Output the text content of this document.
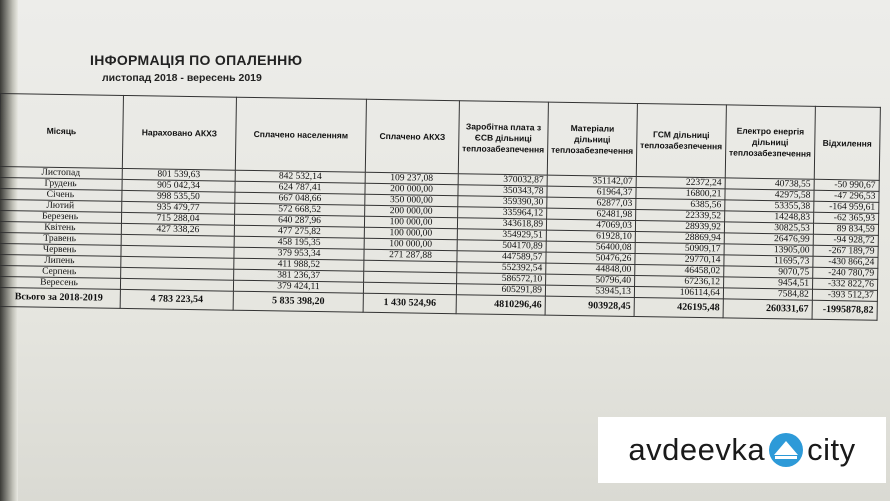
ІНФОРМАЦІЯ ПО ОПАЛЕННЮ
листопад 2018 - вересень 2019
Місяць	Нараховано АКХЗ	Сплачено населенням	Сплачено АКХЗ	Заробітна плата з ЄСВ дільниці теплозабезпечення	Матеріали дільниці теплозабезпечення	ГСМ дільниці теплозабезпечення	Електро енергія дільниці теплозабезпечення	Відхилення
Листопад	801 539,63	842 532,14	109 237,08	370032,87	351142,07	22372,24	40738,55	-50 990,67
Грудень	905 042,34	624 787,41	200 000,00	350343,78	61964,37	16800,21	42975,58	-47 296,53
Січень	998 535,50	667 048,66	350 000,00	359390,30	62877,03	6385,56	53355,38	-164 959,61
Лютий	935 479,77	572 668,52	200 000,00	335964,12	62481,98	22339,52	14248,83	-62 365,93
Березень	715 288,04	640 287,96	100 000,00	343618,89	47069,03	28939,92	30825,53	89 834,59
Квітень	427 338,26	477 275,82	100 000,00	354929,51	61928,10	28869,94	26476,99	-94 928,72
Травень		458 195,35	100 000,00	504170,89	56400,08	50909,17	13905,00	-267 189,79
Червень		379 953,34	271 287,88	447589,57	50476,26	29770,14	11695,73	-430 866,24
Липень		411 988,52		552392,54	44848,00	46458,02	9070,75	-240 780,79
Серпень		381 236,37		586572,10	50796,40	67236,12	9454,51	-332 822,76
Вересень		379 424,11		605291,89	53945,13	106114,64	7584,82	-393 512,37
Всього за 2018-2019	4 783 223,54	5 835 398,20	1 430 524,96	4810296,46	903928,45	426195,48	260331,67	-1995878,82
avdeevka city
